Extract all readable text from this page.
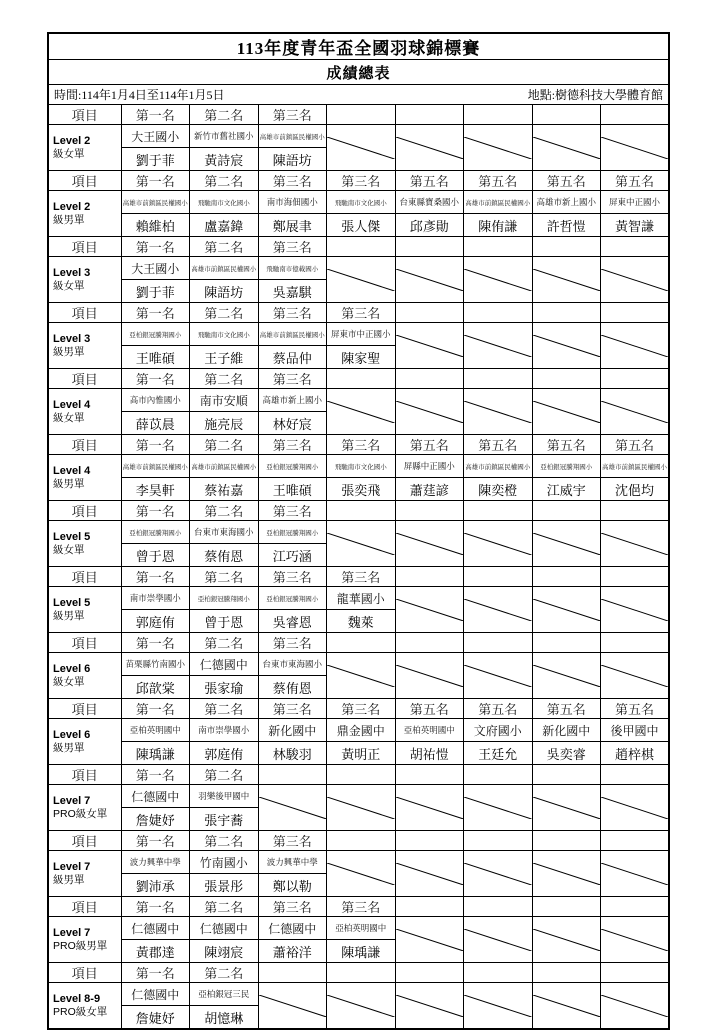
113年度青年盃全國羽球錦標賽								
成績總表								

時間:114年1月4日至114年1月5日 地點:樹德科技大學體育館								

項目	第一名	第二名	第三名					

Level 2
級女單	大王國小	新竹市舊社國小	高雄市前鎮區民權國小	

	劉于菲	黃詩宸	陳語坊					
項目	第一名	第二名	第三名	第三名	第五名	第五名	第五名	第五名

Level 2
級男單	高雄市前鎮區民權國小	飛馳南市文化國小	南市海佃國小	飛馳南市文化國小	台東縣寶桑國小	高雄市前鎮區民權國小	高雄市新上國小	屏東中正國小
	賴維柏	盧嘉鍏	鄭展聿	張人傑	邱彥勛	陳侑謙	許哲愷	黃智謙
項目	第一名	第二名	第三名					

Level 3
級女單	大王國小	高雄市前鎮區民權國小	飛馳南市億載國小	

	劉于菲	陳語坊	吳嘉騏					
項目	第一名	第二名	第三名	第三名				

Level 3
級男單	亞柏銀冠騰翔國小	飛馳南市文化國小	高雄市前鎮區民權國小	屏東市中正國小	

	王唯碩	王子維	蔡品仲	陳家聖				
項目	第一名	第二名	第三名					

Level 4
級女單	高市內惟國小	南市安順	高雄市新上國小	

	薛苡晨	施亮辰	林好宸					
項目	第一名	第二名	第三名	第三名	第五名	第五名	第五名	第五名

Level 4
級男單	高雄市前鎮區民權國小	高雄市前鎮區民權國小	亞柏銀冠騰翔國小	飛馳南市文化國小	屏縣中正國小	高雄市前鎮區民權國小	亞柏銀冠騰翔國小	高雄市前鎮區民權國小
	李昊軒	蔡祐嘉	王唯碩	張奕飛	蕭莛諺	陳奕橙	江威宇	沈俋均
項目	第一名	第二名	第三名					

Level 5
級女單	亞柏銀冠騰翔國小	台東市東海國小	亞柏銀冠騰翔國小	

	曾于恩	蔡侑恩	江巧涵					
項目	第一名	第二名	第三名	第三名				

Level 5
級男單	南市崇學國小	亞柏銀冠騰翔國小	亞柏銀冠騰翔國小	龍華國小	

	郭庭侑	曾于恩	吳睿恩	魏萊				
項目	第一名	第二名	第三名					

Level 6
級女單	苗栗縣竹南國小	仁德國中	台東市東海國小	

	邱歆棠	張家瑜	蔡侑恩					
項目	第一名	第二名	第三名	第三名	第五名	第五名	第五名	第五名

Level 6
級男單	亞柏英明國中	南市崇學國小	新化國中	鼎金國中	亞柏英明國中	文府國小	新化國中	後甲國中
	陳瑀謙	郭庭侑	林駿羽	黃明正	胡祐愷	王廷允	吳奕睿	趙梓棋
項目	第一名	第二名						

Level 7
PRO級女單	仁德國中	羽樂後甲國中	

	詹婕妤	張宇蕎						
項目	第一名	第二名	第三名					

Level 7
級男單	波力興華中學	竹南國小	波力興華中學	

	劉沛承	張景彤	鄭以勒					
項目	第一名	第二名	第三名	第三名				

Level 7
PRO級男單	仁德國中	仁德國中	仁德國中	亞柏英明國中	

	黃郡達	陳翊宸	蕭裕洋	陳瑀謙				
項目	第一名	第二名						

Level 8-9
PRO級女單	仁德國中	亞柏銀冠三民	

	詹婕妤	胡憶琳						
